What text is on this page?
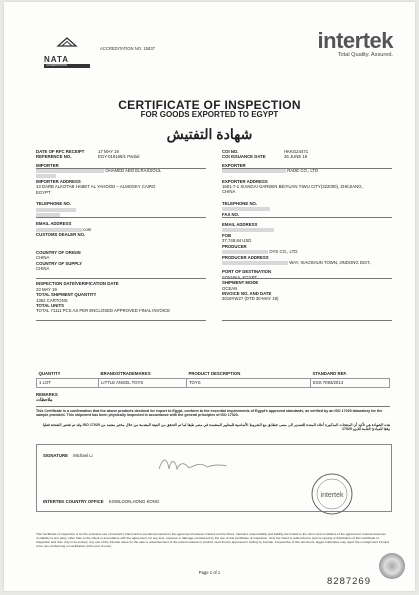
NATA
ACCREDITATION
ACCREDITATION NO. 15837	intertek
Total Quality. Assured.
CERTIFICATE OF INSPECTION
FOR GOODS EXPORTED TO EGYPT
شهادة التفتيش
DATE OF RFC RECEIPT	17 MAY 19
REFERENCE NO.	EGY-019169/1 Partial
IMPORTER
OHAMED ABO ELRASSOUL
IMPORTER ADDRESS
13 DARB ALKOTAB HABET AL YAHOOD – ALMOSKY CAIRO
EGYPT
TELEPHONE NO.
EMAIL ADDRESS
.com
CUSTOMS DEALER NO.
COUNTRY OF ORIGIN
CHINA
COUNTRY OF SUPPLY
CHINA
INSPECTION DATE/VERIFICATION DATE
23 MAY 19
TOTAL SHIPMENT QUANTITY
1362 CARTONS
TOTAL UNITS
TOTAL 71111 PCS AS PER ENCLOSED APPROVED FINAL INVOICE
COI NO.	HKKG24471
COI ISSUANCE DATE	26 JUNE 19
EXPORTER
RADE CO., LTD
EXPORTER ADDRESS
1601-7-1 XIANGAI GARDEN BEIYUAN YIWU CITY(322000), ZHEJIANG,
CHINA
TELEPHONE NO.
FAX NO.
EMAIL ADDRESS
FOB
37,748.84 USD
PRODUCER
OYS CO., LTD.
PRODUCER ADDRESS
WAY, XIAOSHUN TOWN, JINDONG DIST.,
PORT OF DESTINATION
SOKHNA, EGYPT
SHIPMENT MODE
OCEAN
INVOICE NO. AND DATE
2019YW27 (DTD 30-MAY 19)
QUANTITY	BRANDS/TRADEMARKS	PRODUCT DESCRIPTION	STANDARD REF.
1 LOT	LITTLE ANGEL TOYS	TOYS	ESS 7093/2014
REMARKS
ملاحظات
This Certificate is a confirmation that the above products destined for export to Egypt, conform to the essential requirements of Egypt's approved standards, as verified by an ISO 17025 laboratory for the sample provided. This shipment has been physically inspected in accordance with the general principles of ISO 17020.
هذه الشهادة هي تأكيد أن المنتجات المذكورة أعلاه المعدة للتصدير الى مصر، تتطابق مع الشروط الأساسية للمعايير المعتمدة في مصر طبقا لما تم التحقق من العينة المقدمة من خلال مختبر معتمد من 17025 ISO وقد تم فحص الشحنة فعليا وفقا للمبادئ العامة للايزو 17020
SIGNATURE Michael Li
INTERTEK COUNTRY OFFICE KOWLOON,HONG KONG
intertek
This Certificate of Inspection is for the exclusive use of Intertek's Client and is provided pursuant to the agreement between Intertek and its Client. Intertek's responsibility and liability are limited to the terms and conditions of the agreement. Intertek assumes no liability to any party, other than to the Client in accordance with the agreement, for any loss, expense or damage occasioned by the use of this Certificate of Inspection. Only the Client is authorized to permit copying or distribution of this Certificate of Inspection and then only in its entirety. Any use of the Intertek name for the sale or advertisement of the tested material or product must first be approved in writing by Intertek. Irrespective of this document, Egypt Authorities may reject the consignment if found to be non-conforming on verification at the port of entry.
Page 1 of 1
8287269
